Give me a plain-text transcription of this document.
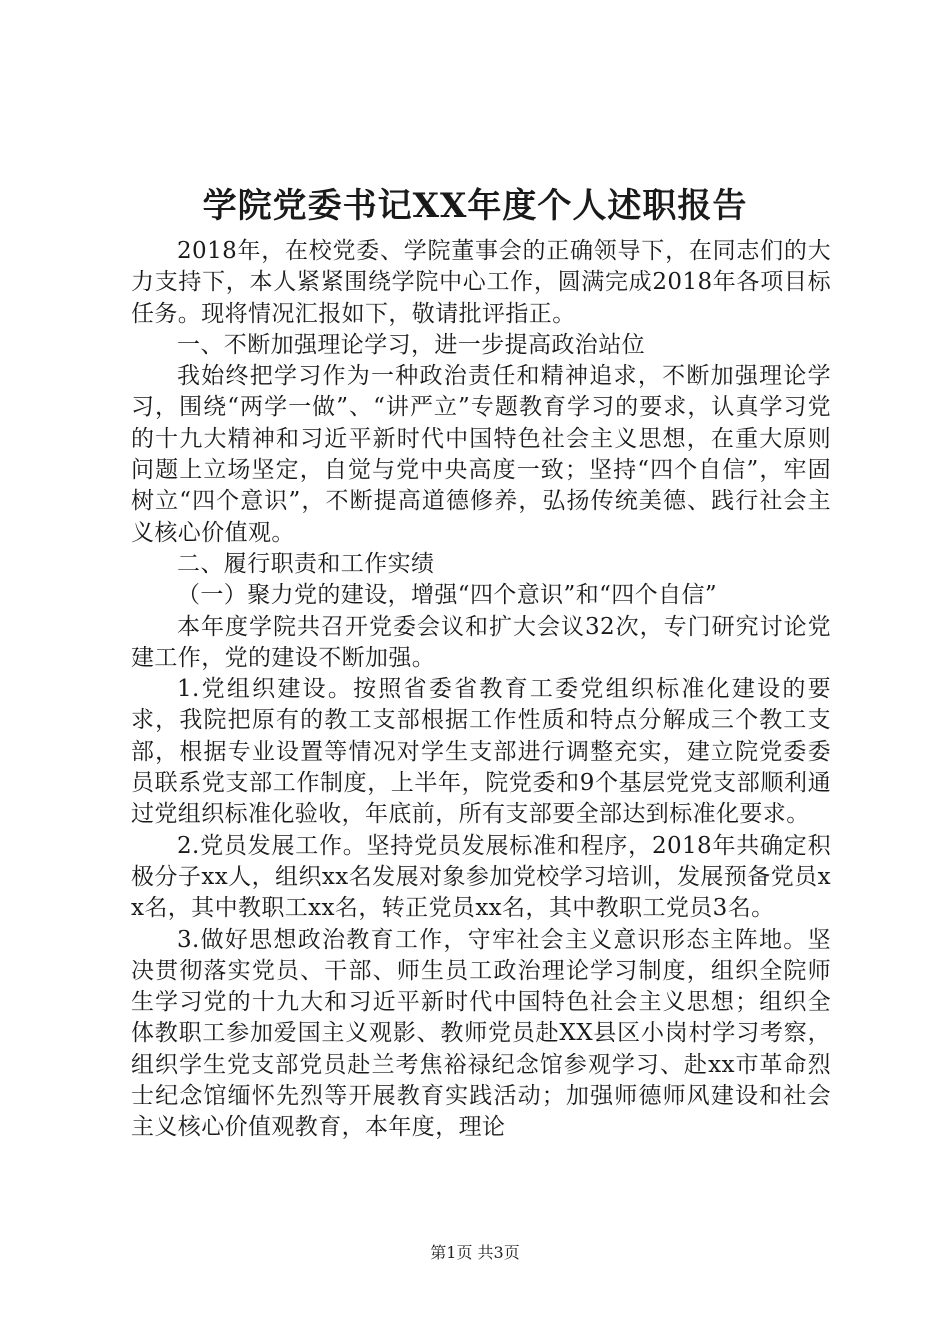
学院党委书记XX年度个人述职报告

2018年，在校党委、学院董事会的正确领导下，在同志们的大力支持下，本人紧紧围绕学院中心工作，圆满完成2018年各项目标任务。现将情况汇报如下，敬请批评指正。

一、不断加强理论学习，进一步提高政治站位

我始终把学习作为一种政治责任和精神追求，不断加强理论学习，围绕“两学一做”、“讲严立”专题教育学习的要求，认真学习党的十九大精神和习近平新时代中国特色社会主义思想，在重大原则问题上立场坚定，自觉与党中央高度一致；坚持“四个自信”，牢固树立“四个意识”，不断提高道德修养，弘扬传统美德、践行社会主义核心价值观。

二、履行职责和工作实绩

（一）聚力党的建设，增强“四个意识”和“四个自信”

本年度学院共召开党委会议和扩大会议32次，专门研究讨论党建工作，党的建设不断加强。

1.党组织建设。按照省委省教育工委党组织标准化建设的要求，我院把原有的教工支部根据工作性质和特点分解成三个教工支部，根据专业设置等情况对学生支部进行调整充实，建立院党委委员联系党支部工作制度，上半年，院党委和9个基层党党支部顺利通过党组织标准化验收，年底前，所有支部要全部达到标准化要求。

2.党员发展工作。坚持党员发展标准和程序，2018年共确定积极分子xx人，组织xx名发展对象参加党校学习培训，发展预备党员xx名，其中教职工xx名，转正党员xx名，其中教职工党员3名。

3.做好思想政治教育工作，守牢社会主义意识形态主阵地。坚决贯彻落实党员、干部、师生员工政治理论学习制度，组织全院师生学习党的十九大和习近平新时代中国特色社会主义思想；组织全体教职工参加爱国主义观影、教师党员赴XX县区小岗村学习考察，组织学生党支部党员赴兰考焦裕禄纪念馆参观学习、赴xx市革命烈士纪念馆缅怀先烈等开展教育实践活动；加强师德师风建设和社会主义核心价值观教育，本年度，理论

第1页 共3页
